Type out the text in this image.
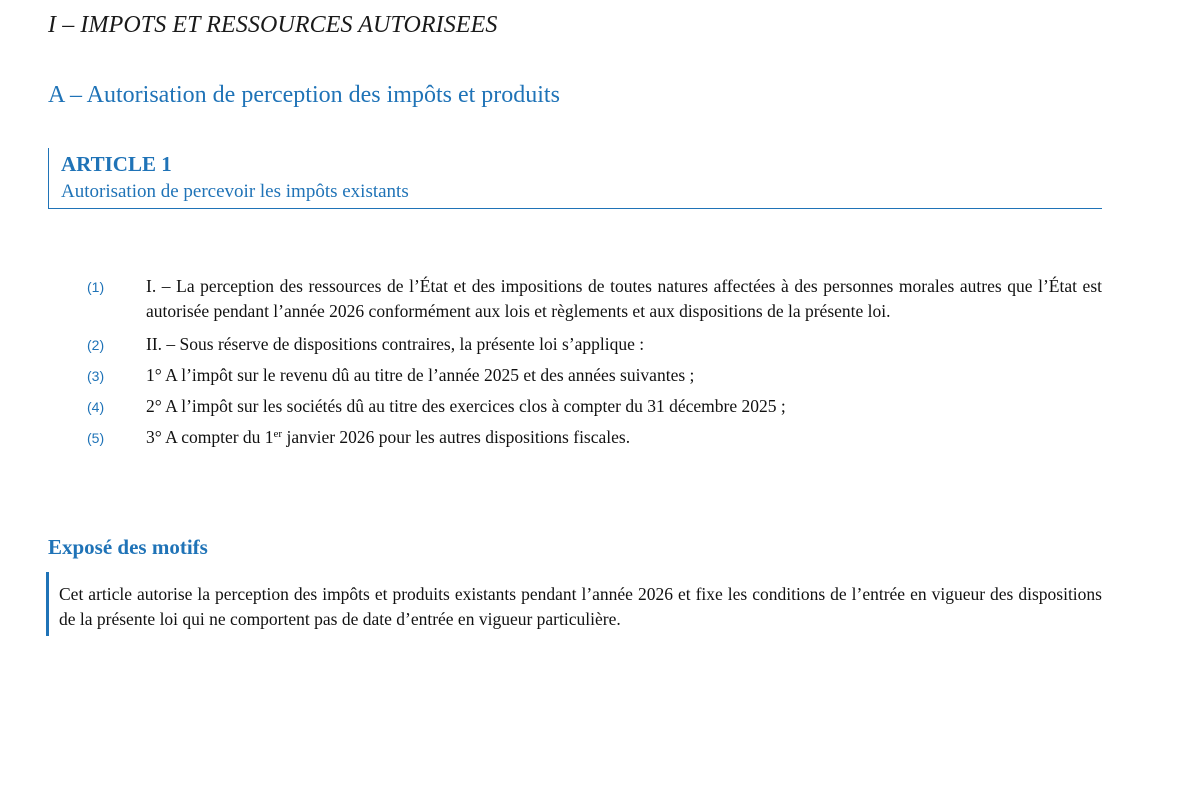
I – IMPOTS ET RESSOURCES AUTORISEES
A – Autorisation de perception des impôts et produits
ARTICLE 1
Autorisation de percevoir les impôts existants
(1) I. – La perception des ressources de l’État et des impositions de toutes natures affectées à des personnes morales autres que l’État est autorisée pendant l’année 2026 conformément aux lois et règlements et aux dispositions de la présente loi.
(2) II. – Sous réserve de dispositions contraires, la présente loi s’applique :
(3) 1° A l’impôt sur le revenu dû au titre de l’année 2025 et des années suivantes ;
(4) 2° A l’impôt sur les sociétés dû au titre des exercices clos à compter du 31 décembre 2025 ;
(5) 3° A compter du 1er janvier 2026 pour les autres dispositions fiscales.
Exposé des motifs
Cet article autorise la perception des impôts et produits existants pendant l’année 2026 et fixe les conditions de l’entrée en vigueur des dispositions de la présente loi qui ne comportent pas de date d’entrée en vigueur particulière.
